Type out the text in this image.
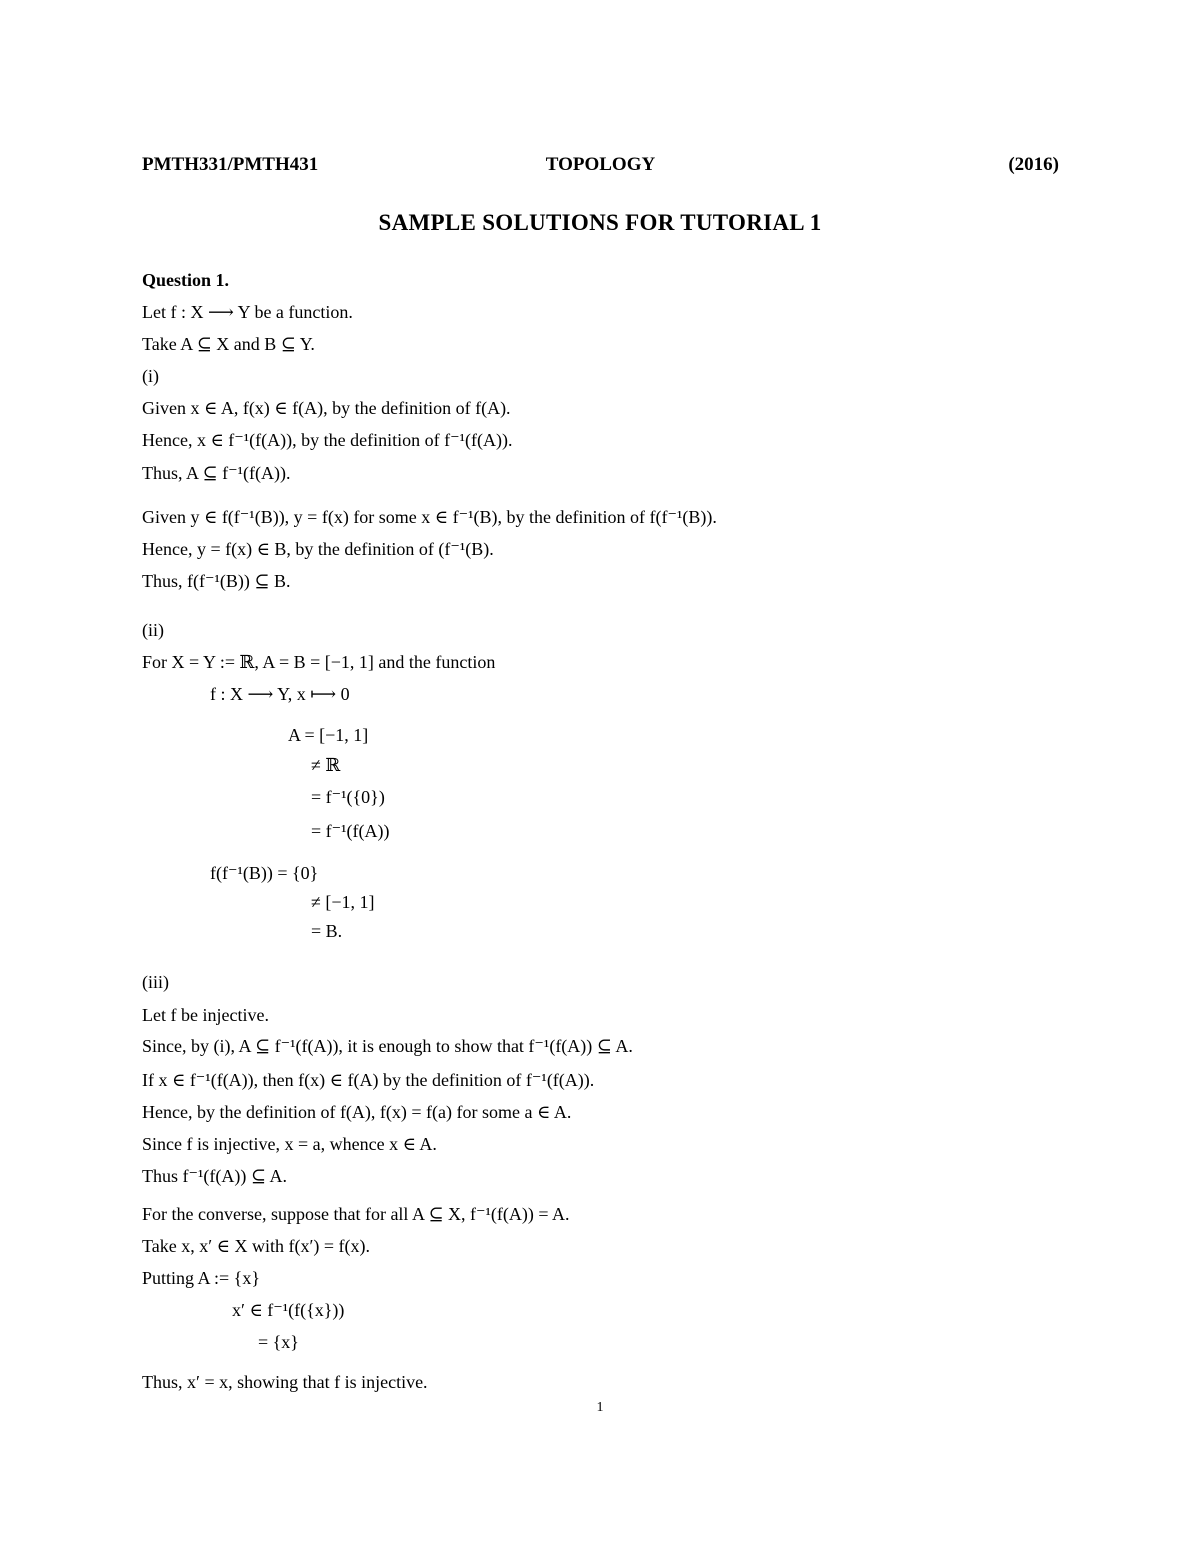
PMTH331/PMTH431	TOPOLOGY	(2016)
SAMPLE SOLUTIONS FOR TUTORIAL 1
Question 1.
Let f : X ⟶ Y be a function.
Take A ⊆ X and B ⊆ Y.
(i)
Given x ∈ A, f(x) ∈ f(A), by the definition of f(A).
Hence, x ∈ f⁻¹(f(A)), by the definition of f⁻¹(f(A)).
Thus, A ⊆ f⁻¹(f(A)).
Given y ∈ f(f⁻¹(B)), y = f(x) for some x ∈ f⁻¹(B), by the definition of f(f⁻¹(B)).
Hence, y = f(x) ∈ B, by the definition of (f⁻¹(B).
Thus, f(f⁻¹(B)) ⊆ B.
(ii)
For X = Y := ℝ, A = B = [−1, 1] and the function
f : X ⟶ Y, x ⟼ 0
A = [−1, 1]
≠ ℝ
= f⁻¹({0})
= f⁻¹(f(A))
f(f⁻¹(B)) = {0}
≠ [−1, 1]
= B.
(iii)
Let f be injective.
Since, by (i), A ⊆ f⁻¹(f(A)), it is enough to show that f⁻¹(f(A)) ⊆ A.
If x ∈ f⁻¹(f(A)), then f(x) ∈ f(A) by the definition of f⁻¹(f(A)).
Hence, by the definition of f(A), f(x) = f(a) for some a ∈ A.
Since f is injective, x = a, whence x ∈ A.
Thus f⁻¹(f(A)) ⊆ A.
For the converse, suppose that for all A ⊆ X, f⁻¹(f(A)) = A.
Take x, x′ ∈ X with f(x′) = f(x).
Putting A := {x}
x′ ∈ f⁻¹(f({x}))
= {x}
Thus, x′ = x, showing that f is injective.
1
